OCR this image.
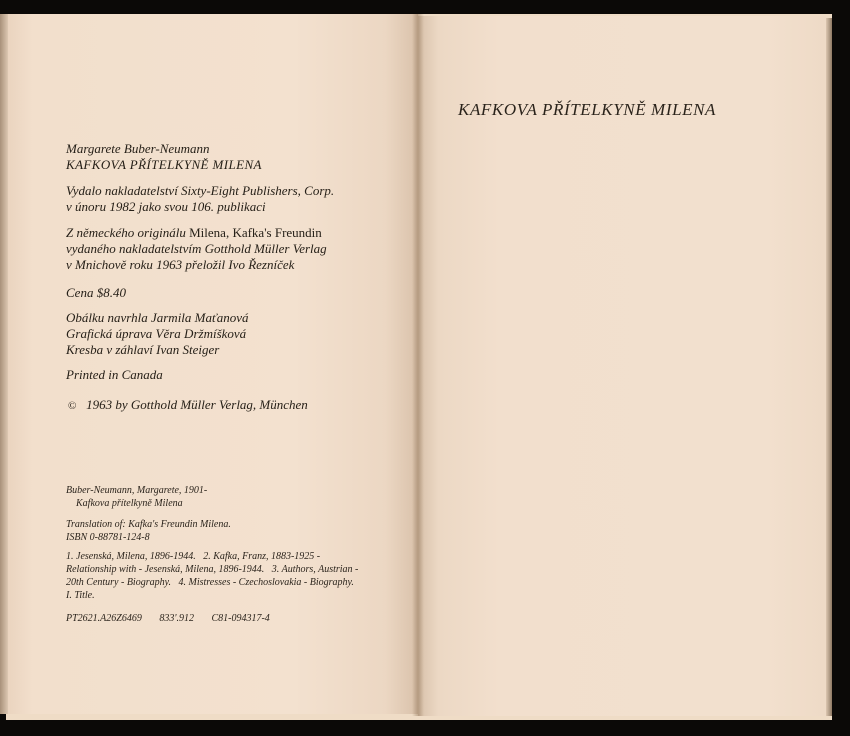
Margarete Buber-Neumann
KAFKOVA PŘÍTELKYNĚ MILENA
Vydalo nakladatelství Sixty-Eight Publishers, Corp.
v únoru 1982 jako svou 106. publikaci
Z německého originálu Milena, Kafka's Freundin
vydaného nakladatelstvím Gotthold Müller Verlag
v Mnichově roku 1963 přeložil Ivo Řezníček
Cena $8.40
Obálku navrhla Jarmila Maťanová
Grafická úprava Věra Držmíšková
Kresba v záhlaví Ivan Steiger
Printed in Canada
© 1963 by Gotthold Müller Verlag, München
Buber-Neumann, Margarete, 1901-
Kafkova přítelkyně Milena
Translation of: Kafka's Freundin Milena.
ISBN 0-88781-124-8
1. Jesenská, Milena, 1896-1944.   2. Kafka, Franz, 1883-1925 -
Relationship with - Jesenská, Milena, 1896-1944.   3. Authors, Austrian -
20th Century - Biography.   4. Mistresses - Czechoslovakia - Biography.
I. Title.
PT2621.A26Z6469       833'.912       C81-094317-4
KAFKOVA PŘÍTELKYNĚ MILENA
